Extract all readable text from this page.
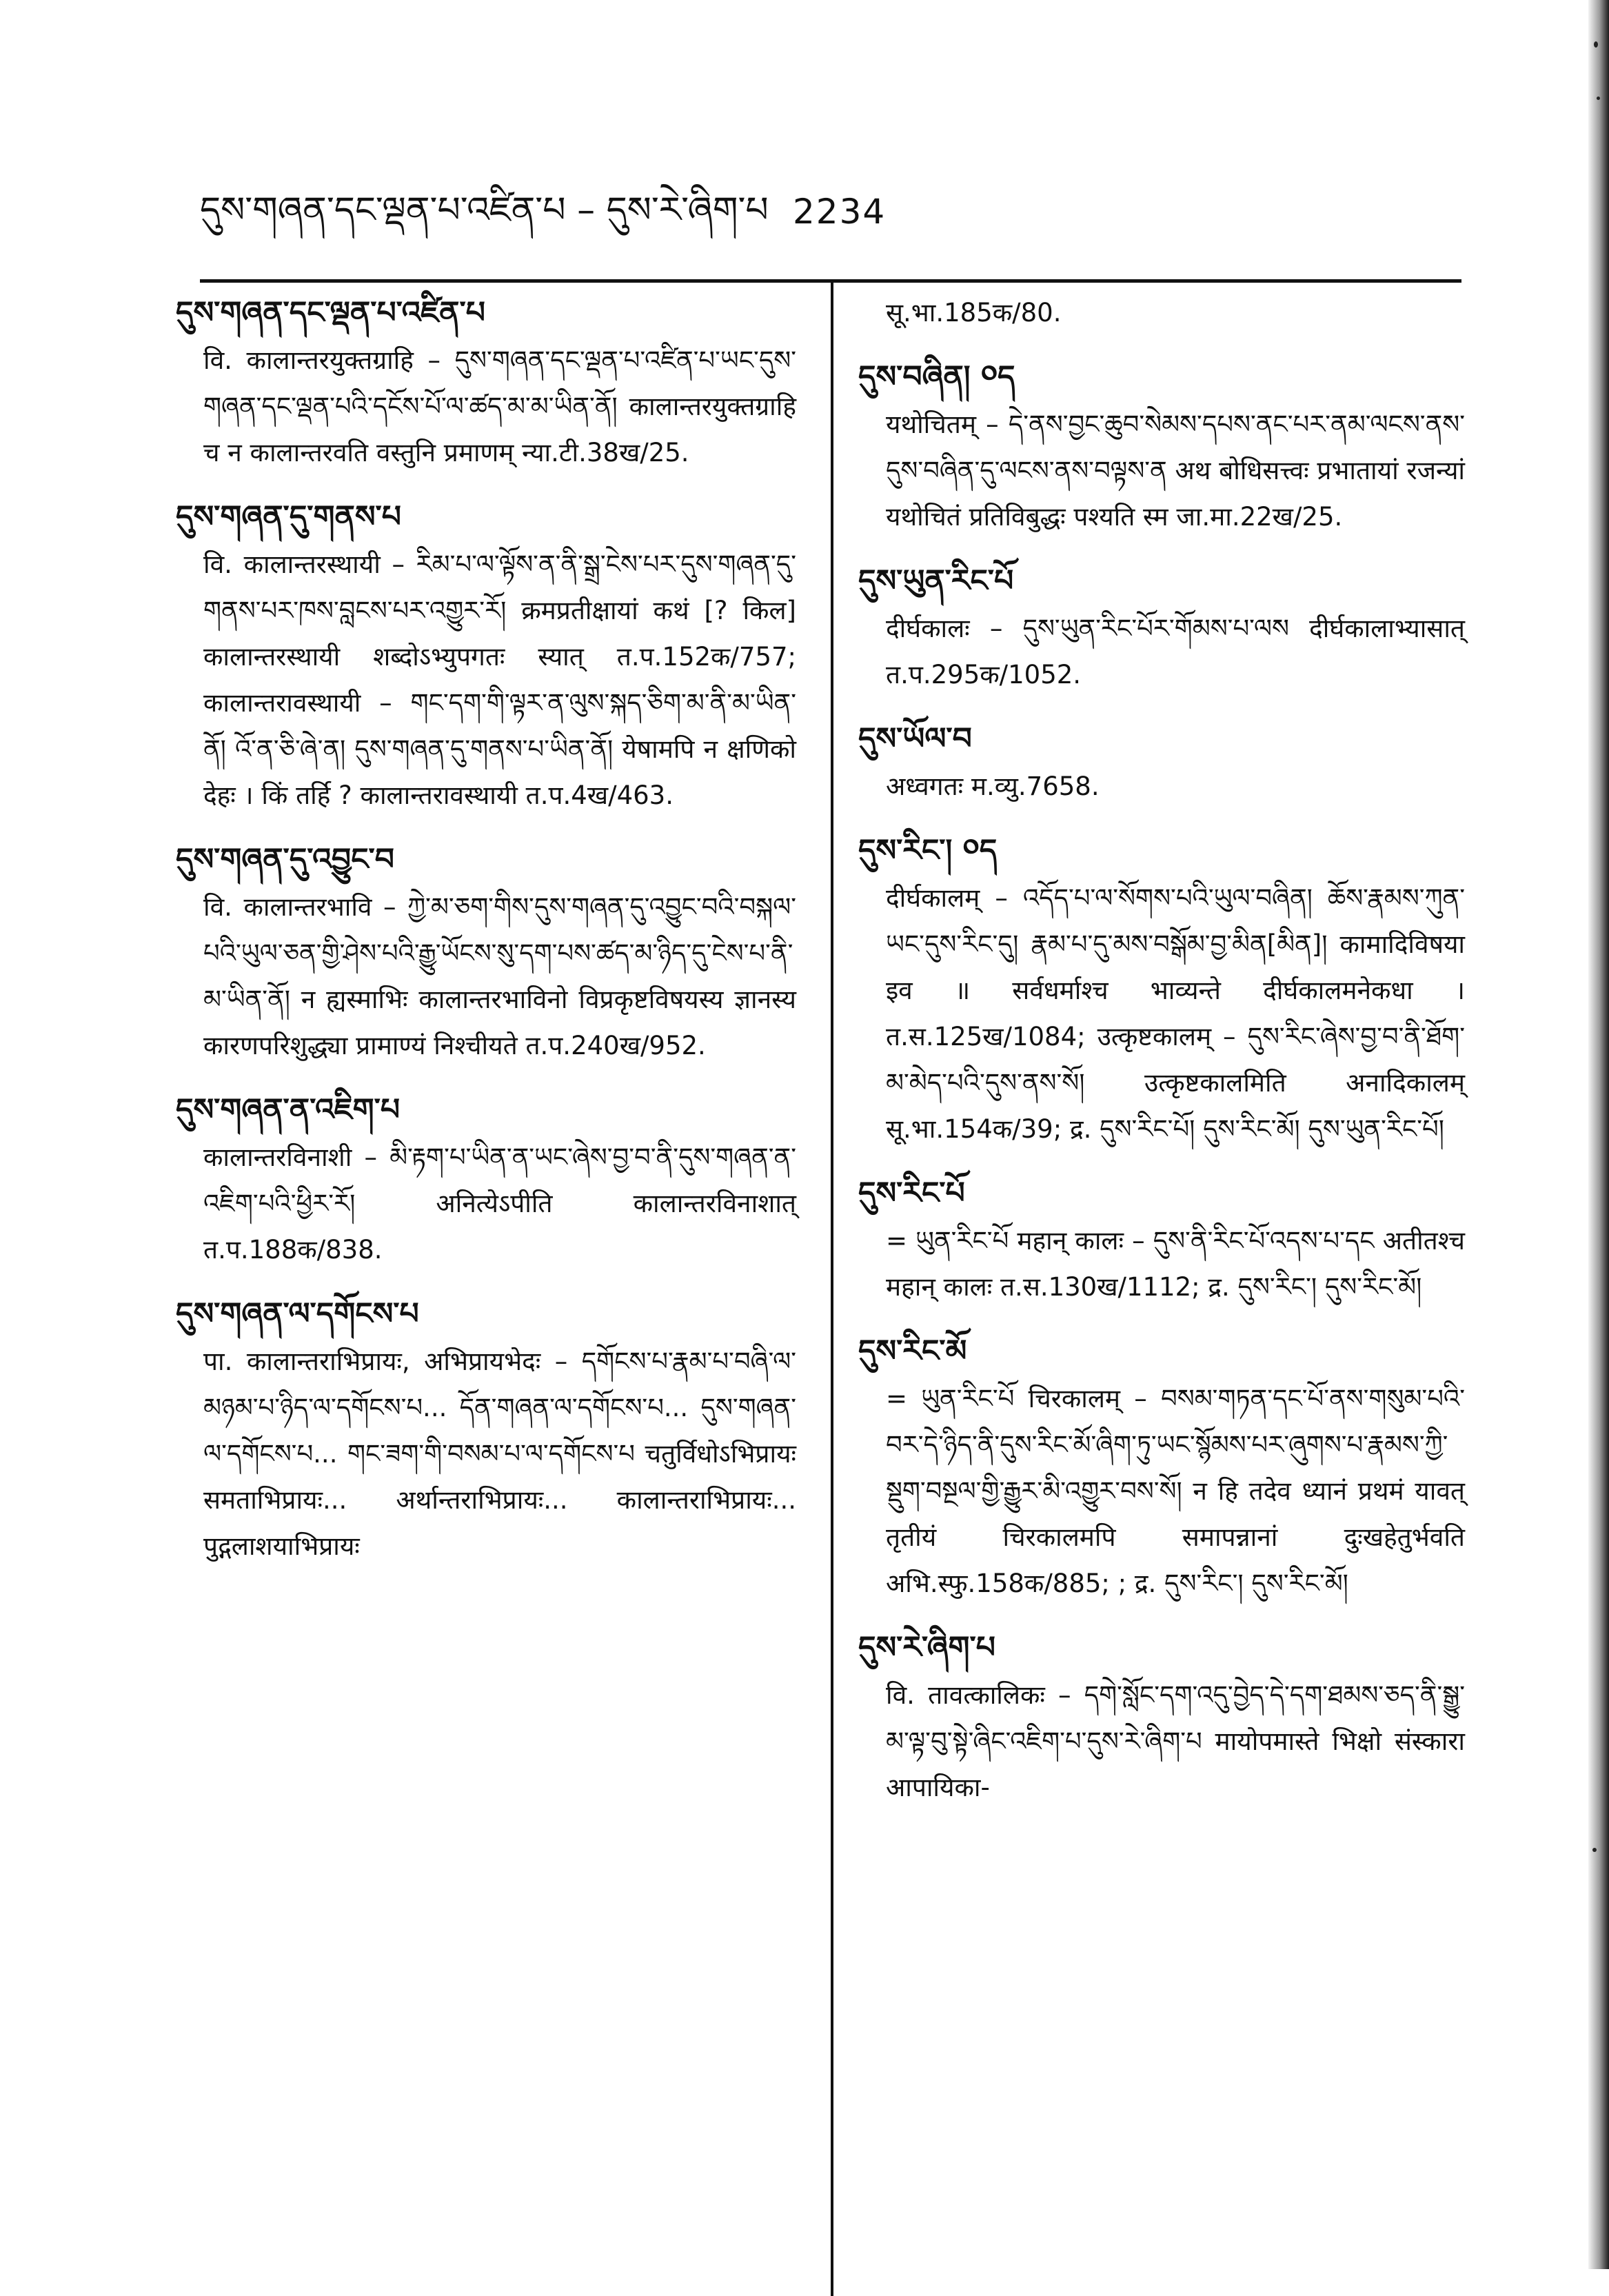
དུས་གཞན་དང་ལྡན་པ་འཛིན་པ – དུས་རེ་ཞིག་པ 2234
དུས་གཞན་དང་ལྡན་པ་འཛིན་པ
वि. कालान्तरयुक्तग्राहि – དུས་གཞན་དང་ལྡན་པ་འཛིན་པ་ཡང་དུས་གཞན་དང་ལྡན་པའི་དངོས་པོ་ལ་ཚད་མ་མ་ཡིན་ནོ། कालान्तरयुक्तग्राहि च न कालान्तरवति वस्तुनि प्रमाणम् न्या.टी.38ख/25.
དུས་གཞན་དུ་གནས་པ
वि. कालान्तरस्थायी – རིམ་པ་ལ་ལྟོས་ན་ནི་སྒྲ་ངེས་པར་དུས་གཞན་དུ་གནས་པར་ཁས་བླངས་པར་འགྱུར་རོ། क्रमप्रतीक्षायां कथं [? किल] कालान्तरस्थायी शब्दोऽभ्युपगतः स्यात् त.प.152क/757; कालान्तरावस्थायी – གང་དག་གི་ལྟར་ན་ལུས་སྐད་ཅིག་མ་ནི་མ་ཡིན་ནོ། འོ་ན་ཅི་ཞེ་ན། དུས་གཞན་དུ་གནས་པ་ཡིན་ནོ། येषामपि न क्षणिको देहः । किं तर्हि ? कालान्तरावस्थायी त.प.4ख/463.
དུས་གཞན་དུ་འབྱུང་བ
वि. कालान्तरभावि – ཀྱེ་མ་ཅག་གིས་དུས་གཞན་དུ་འབྱུང་བའི་བསྐལ་པའི་ཡུལ་ཅན་གྱི་ཤེས་པའི་རྒྱུ་ཡོངས་སུ་དག་པས་ཚད་མ་ཉིད་དུ་ངེས་པ་ནི་མ་ཡིན་ནོ། न ह्यस्माभिः कालान्तरभाविनो विप्रकृष्टविषयस्य ज्ञानस्य कारणपरिशुद्ध्या प्रामाण्यं निश्चीयते त.प.240ख/952.
དུས་གཞན་ན་འཇིག་པ
कालान्तरविनाशी – མི་རྟག་པ་ཡིན་ན་ཡང་ཞེས་བྱ་བ་ནི་དུས་གཞན་ན་འཇིག་པའི་ཕྱིར་རོ། अनित्येऽपीति कालान्तरविनाशात् त.प.188क/838.
དུས་གཞན་ལ་དགོངས་པ
पा. कालान्तराभिप्रायः, अभिप्रायभेदः – དགོངས་པ་རྣམ་པ་བཞི་ལ་མཉམ་པ་ཉིད་ལ་དགོངས་པ... དོན་གཞན་ལ་དགོངས་པ... དུས་གཞན་ལ་དགོངས་པ... གང་ཟག་གི་བསམ་པ་ལ་དགོངས་པ चतुर्विधोऽभिप्रायः समताभिप्रायः... अर्थान्तराभिप्रायः... कालान्तराभिप्रायः... पुद्गलाशयाभिप्रायः
सू.भा.185क/80.
དུས་བཞིན། ༠ད
यथोचितम् – དེ་ནས་བྱང་ཆུབ་སེམས་དཔས་ནང་པར་ནམ་ལངས་ནས་དུས་བཞིན་དུ་ལངས་ནས་བལྟས་ན अथ बोधिसत्त्वः प्रभातायां रजन्यां यथोचितं प्रतिविबुद्धः पश्यति स्म जा.मा.22ख/25.
དུས་ཡུན་རིང་པོ
दीर्घकालः – དུས་ཡུན་རིང་པོར་གོམས་པ་ལས दीर्घकालाभ्यासात् त.प.295क/1052.
དུས་ཡོལ་བ
अध्वगतः म.व्यु.7658.
དུས་རིང་། ༠ད
दीर्घकालम् – འདོད་པ་ལ་སོགས་པའི་ཡུལ་བཞིན། ཆོས་རྣམས་ཀུན་ཡང་དུས་རིང་དུ། རྣམ་པ་དུ་མས་བསྒོམ་བྱ་མིན[མིན]། कामादिविषया इव ॥ सर्वधर्माश्च भाव्यन्ते दीर्घकालमनेकधा । त.स.125ख/1084; उत्कृष्टकालम् – དུས་རིང་ཞེས་བྱ་བ་ནི་ཐོག་མ་མེད་པའི་དུས་ནས་སོ། उत्कृष्टकालमिति अनादिकालम् सू.भा.154क/39; द्र. དུས་རིང་པོ། དུས་རིང་མོ། དུས་ཡུན་རིང་པོ།
དུས་རིང་པོ
= ཡུན་རིང་པོ महान् कालः – དུས་ནི་རིང་པོ་འདས་པ་དང अतीतश्च महान् कालः त.स.130ख/1112; द्र. དུས་རིང་། དུས་རིང་མོ།
དུས་རིང་མོ
= ཡུན་རིང་པོ चिरकालम् – བསམ་གཏན་དང་པོ་ནས་གསུམ་པའི་བར་དེ་ཉིད་ནི་དུས་རིང་མོ་ཞིག་ཏུ་ཡང་སྙོམས་པར་ཞུགས་པ་རྣམས་ཀྱི་སྡུག་བསྔལ་གྱི་རྒྱུར་མི་འགྱུར་བས་སོ། न हि तदेव ध्यानं प्रथमं यावत् तृतीयं चिरकालमपि समापन्नानां दुःखहेतुर्भवति अभि.स्फु.158क/885; ; द्र. དུས་རིང་། དུས་རིང་མོ།
དུས་རེ་ཞིག་པ
वि. तावत्कालिकः – དགེ་སློང་དག་འདུ་བྱེད་དེ་དག་ཐམས་ཅད་ནི་སྒྱུ་མ་ལྟ་བུ་སྟེ་ཞིང་འཇིག་པ་དུས་རེ་ཞིག་པ मायोपमास्ते भिक्षो संस्कारा आपायिका-
